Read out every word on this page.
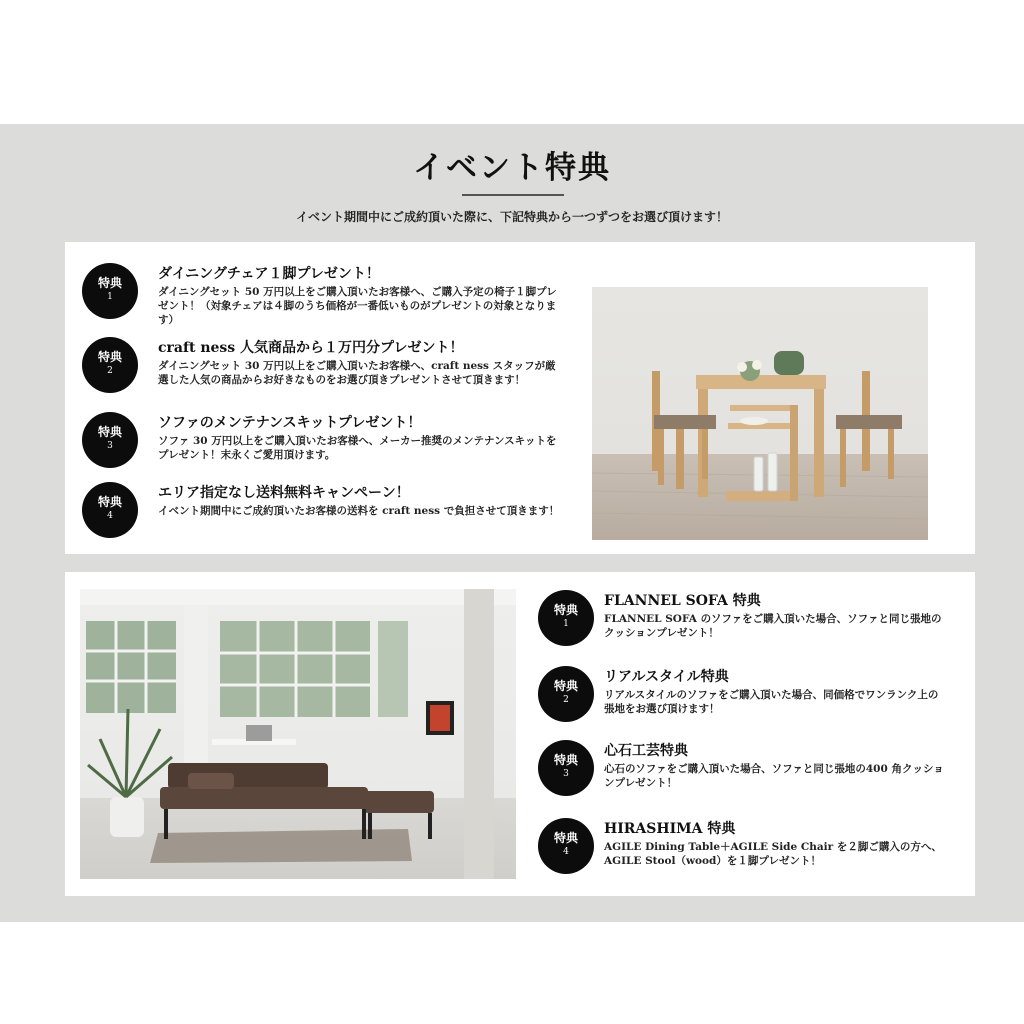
イベント特典
イベント期間中にご成約頂いた際に、下記特典から一つずつをお選び頂けます！
特典
1
ダイニングチェア１脚プレゼント！
ダイニングセット 50 万円以上をご購入頂いたお客様へ、ご購入予定の椅子１脚プレゼント！（対象チェアは４脚のうち価格が一番低いものがプレゼントの対象となります）
特典
2
craft ness 人気商品から１万円分プレゼント！
ダイニングセット 30 万円以上をご購入頂いたお客様へ、craft ness スタッフが厳選した人気の商品からお好きなものをお選び頂きプレゼントさせて頂きます！
特典
3
ソファのメンテナンスキットプレゼント！
ソファ 30 万円以上をご購入頂いたお客様へ、メーカー推奨のメンテナンスキットをプレゼント！末永くご愛用頂けます。
特典
4
エリア指定なし送料無料キャンペーン！
イベント期間中にご成約頂いたお客様の送料を craft ness で負担させて頂きます！
特典
1
FLANNEL SOFA 特典
FLANNEL SOFA のソファをご購入頂いた場合、ソファと同じ張地のクッションプレゼント！
特典
2
リアルスタイル特典
リアルスタイルのソファをご購入頂いた場合、同価格でワンランク上の張地をお選び頂けます！
特典
3
心石工芸特典
心石のソファをご購入頂いた場合、ソファと同じ張地の400 角クッションプレゼント！
特典
4
HIRASHIMA 特典
AGILE Dining Table＋AGILE Side Chair を２脚ご購入の方へ、AGILE Stool（wood）を１脚プレゼント！
